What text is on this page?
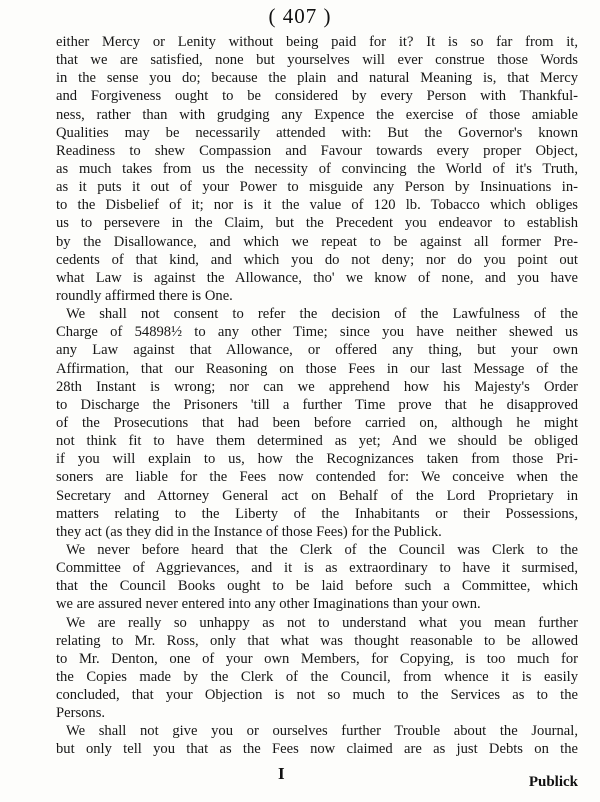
( 407 )
either Mercy or Lenity without being paid for it? It is so far from it,
that we are satisfied, none but yourselves will ever construe those Words
in the sense you do; because the plain and natural Meaning is, that Mercy
and Forgiveness ought to be considered by every Person with Thankful-
ness, rather than with grudging any Expence the exercise of those amiable
Qualities may be necessarily attended with: But the Governor's known
Readiness to shew Compassion and Favour towards every proper Object,
as much takes from us the necessity of convincing the World of it's Truth,
as it puts it out of your Power to misguide any Person by Insinuations in-
to the Disbelief of it; nor is it the value of 120 lb. Tobacco which obliges
us to persevere in the Claim, but the Precedent you endeavor to establish
by the Disallowance, and which we repeat to be against all former Pre-
cedents of that kind, and which you do not deny; nor do you point out
what Law is against the Allowance, tho' we know of none, and you have
roundly affirmed there is One.
We shall not consent to refer the decision of the Lawfulness of the
Charge of 54898½ to any other Time; since you have neither shewed us
any Law against that Allowance, or offered any thing, but your own
Affirmation, that our Reasoning on those Fees in our last Message of the
28th Instant is wrong; nor can we apprehend how his Majesty's Order
to Discharge the Prisoners 'till a further Time prove that he disapproved
of the Prosecutions that had been before carried on, although he might
not think fit to have them determined as yet; And we should be obliged
if you will explain to us, how the Recognizances taken from those Pri-
soners are liable for the Fees now contended for: We conceive when the
Secretary and Attorney General act on Behalf of the Lord Proprietary in
matters relating to the Liberty of the Inhabitants or their Possessions,
they act (as they did in the Instance of those Fees) for the Publick.
We never before heard that the Clerk of the Council was Clerk to the
Committee of Aggrievances, and it is as extraordinary to have it surmised,
that the Council Books ought to be laid before such a Committee, which
we are assured never entered into any other Imaginations than your own.
We are really so unhappy as not to understand what you mean further
relating to Mr. Ross, only that what was thought reasonable to be allowed
to Mr. Denton, one of your own Members, for Copying, is too much for
the Copies made by the Clerk of the Council, from whence it is easily
concluded, that your Objection is not so much to the Services as to the
Persons.
We shall not give you or ourselves further Trouble about the Journal,
but only tell you that as the Fees now claimed are as just Debts on the
I	Publick
